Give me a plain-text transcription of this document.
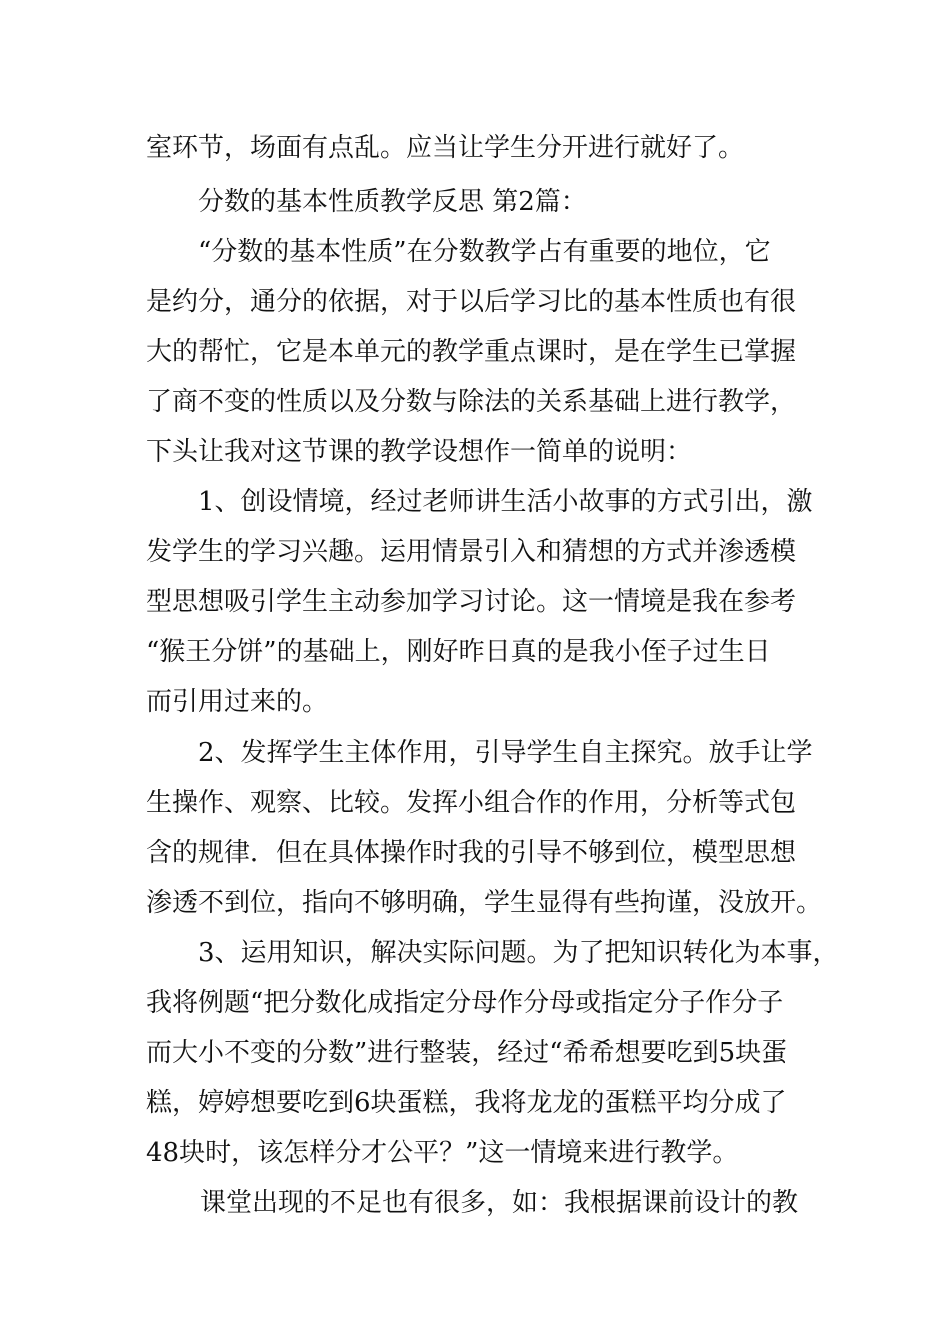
室环节，场面有点乱。应当让学生分开进行就好了。

分数的基本性质教学反思 第2篇：

“分数的基本性质”在分数教学占有重要的地位，它

是约分，通分的依据，对于以后学习比的基本性质也有很

大的帮忙，它是本单元的教学重点课时，是在学生已掌握

了商不变的性质以及分数与除法的关系基础上进行教学，

下头让我对这节课的教学设想作一简单的说明：

1、创设情境，经过老师讲生活小故事的方式引出，激

发学生的学习兴趣。运用情景引入和猜想的方式并渗透模

型思想吸引学生主动参加学习讨论。这一情境是我在参考

“猴王分饼”的基础上，刚好昨日真的是我小侄子过生日

而引用过来的。

2、发挥学生主体作用，引导学生自主探究。放手让学

生操作、观察、比较。发挥小组合作的作用，分析等式包

含的规律．但在具体操作时我的引导不够到位，模型思想

渗透不到位，指向不够明确，学生显得有些拘谨，没放开。

3、运用知识，解决实际问题。为了把知识转化为本事，

我将例题“把分数化成指定分母作分母或指定分子作分子

而大小不变的分数”进行整装，经过“希希想要吃到5块蛋

糕，婷婷想要吃到6块蛋糕，我将龙龙的蛋糕平均分成了

48块时，该怎样分才公平？”这一情境来进行教学。

课堂出现的不足也有很多，如：我根据课前设计的教
